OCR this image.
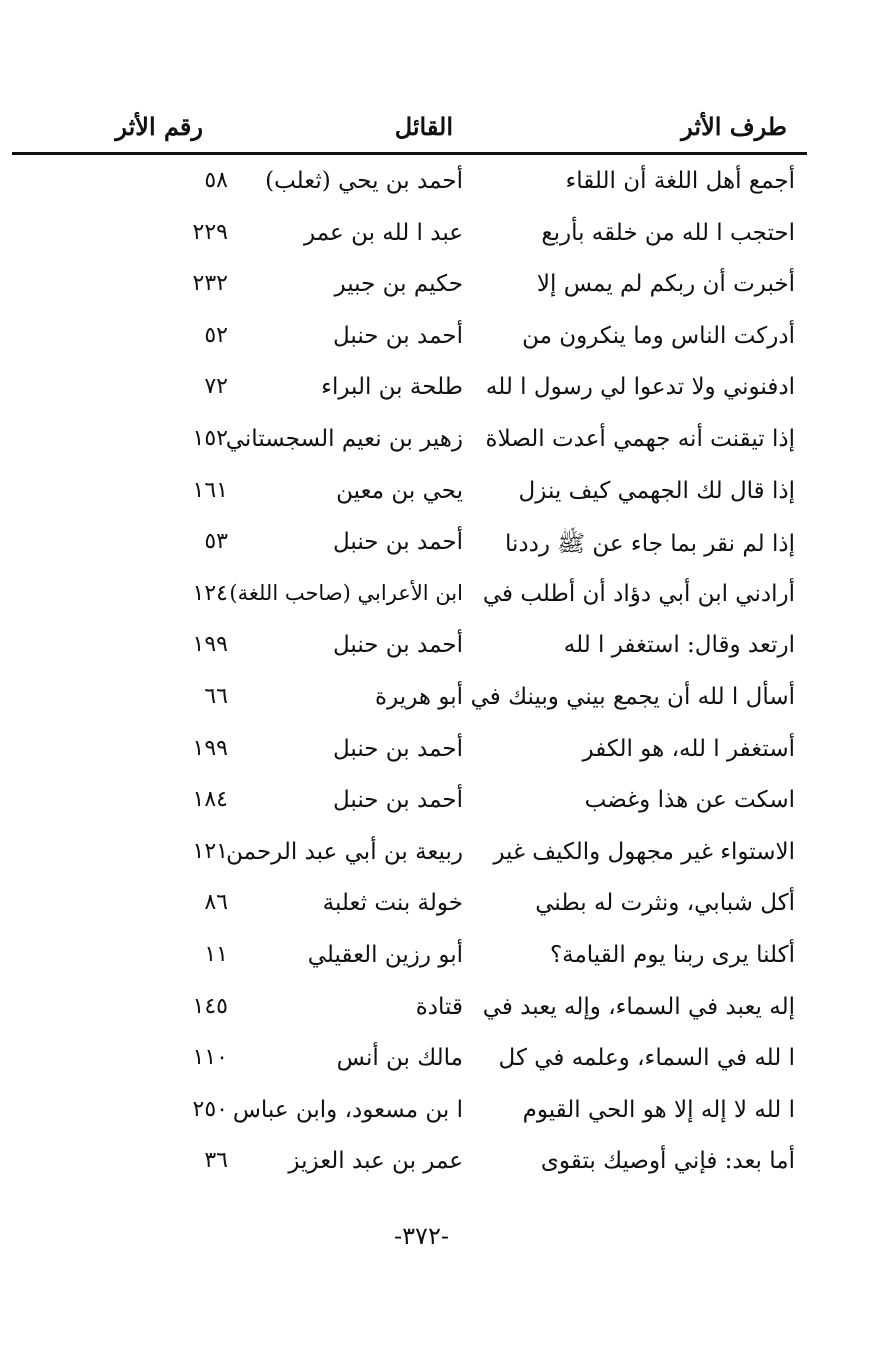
طرف الأثر
القائل
رقم الأثر
أجمع أهل اللغة أن اللقاء
أحمد بن يحي (ثعلب)
٥٨
احتجب ا لله من خلقه بأربع
عبد ا لله بن عمر
٢٢٩
أخبرت أن ربكم لم يمس إلا
حكيم بن جبير
٢٣٢
أدركت الناس وما ينكرون من
أحمد بن حنبل
٥٢
ادفنوني ولا تدعوا لي رسول ا لله
طلحة بن البراء
٧٢
إذا تيقنت أنه جهمي أعدت الصلاة
زهير بن نعيم السجستاني
١٥٢
إذا قال لك الجهمي كيف ينزل
يحي بن معين
١٦١
إذا لم نقر بما جاء عن ﷺ رددنا
أحمد بن حنبل
٥٣
أرادني ابن أبي دؤاد أن أطلب في
ابن الأعرابي (صاحب اللغة)
١٢٤
ارتعد وقال: استغفر ا لله
أحمد بن حنبل
١٩٩
أسأل ا لله أن يجمع بيني وبينك في
أبو هريرة
٦٦
أستغفر ا لله، هو الكفر
أحمد بن حنبل
١٩٩
اسكت عن هذا وغضب
أحمد بن حنبل
١٨٤
الاستواء غير مجهول والكيف غير
ربيعة بن أبي عبد الرحمن
١٢١
أكل شبابي، ونثرت له بطني
خولة بنت ثعلبة
٨٦
أكلنا يرى ربنا يوم القيامة؟
أبو رزين العقيلي
١١
إله يعبد في السماء، وإله يعبد في
قتادة
١٤٥
ا لله في السماء، وعلمه في كل
مالك بن أنس
١١٠
ا لله لا إله إلا هو الحي القيوم
ا بن مسعود، وابن عباس
٢٥٠
أما بعد: فإني أوصيك بتقوى
عمر بن عبد العزيز
٣٦
-٣٧٢-
